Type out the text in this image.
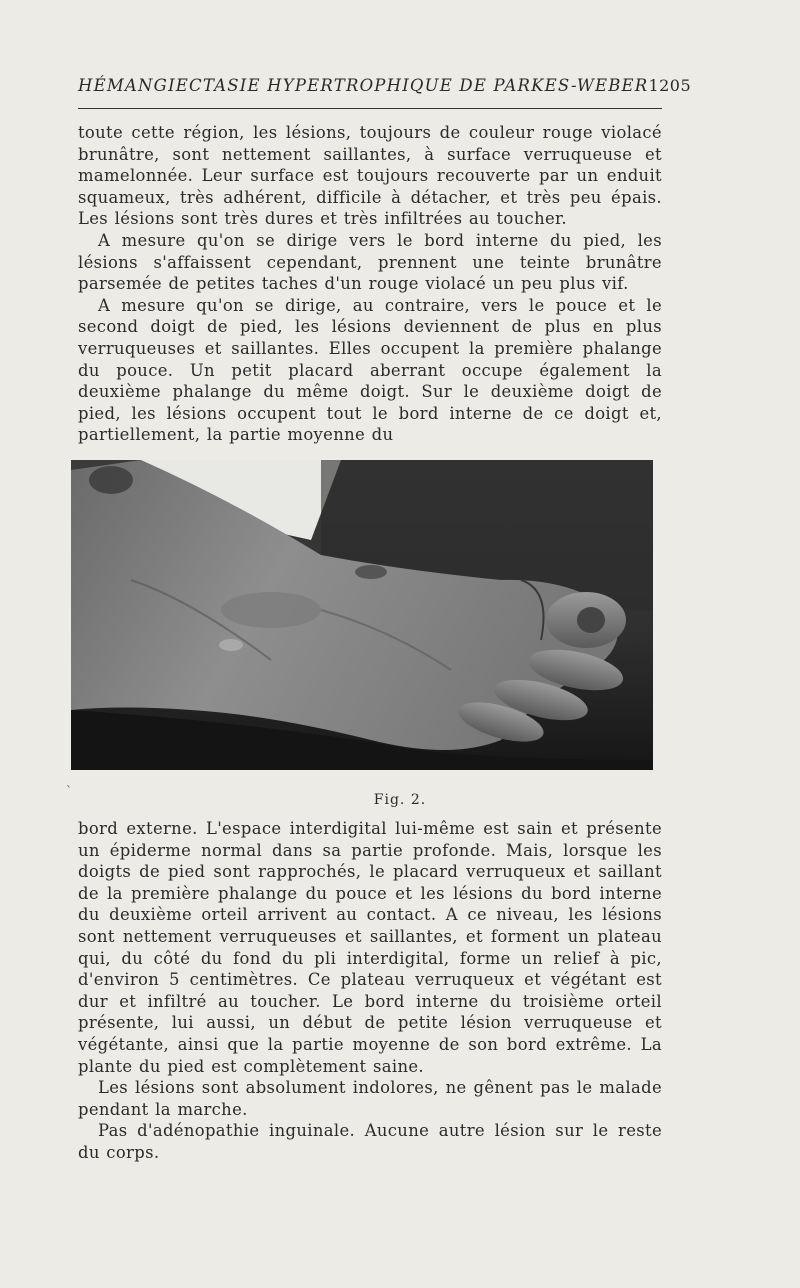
HÉMANGIECTASIE HYPERTROPHIQUE DE PARKES-WEBER 1205

toute cette région, les lésions, toujours de couleur rouge violacé brunâtre, sont nettement saillantes, à surface verruqueuse et mamelonnée. Leur surface est toujours recouverte par un enduit squameux, très adhérent, difficile à détacher, et très peu épais. Les lésions sont très dures et très infiltrées au toucher.

A mesure qu'on se dirige vers le bord interne du pied, les lésions s'affaissent cependant, prennent une teinte brunâtre parsemée de petites taches d'un rouge violacé un peu plus vif.

A mesure qu'on se dirige, au contraire, vers le pouce et le second doigt de pied, les lésions deviennent de plus en plus verruqueuses et saillantes. Elles occupent la première phalange du pouce. Un petit placard aberrant occupe également la deuxième phalange du même doigt. Sur le deuxième doigt de pied, les lésions occupent tout le bord interne de ce doigt et, partiellement, la partie moyenne du

`
Fig. 2.

bord externe. L'espace interdigital lui-même est sain et présente un épiderme normal dans sa partie profonde. Mais, lorsque les doigts de pied sont rapprochés, le placard verruqueux et saillant de la première phalange du pouce et les lésions du bord interne du deuxième orteil arrivent au contact. A ce niveau, les lésions sont nettement verruqueuses et saillantes, et forment un plateau qui, du côté du fond du pli interdigital, forme un relief à pic, d'environ 5 centimètres. Ce plateau verruqueux et végétant est dur et infiltré au toucher. Le bord interne du troisième orteil présente, lui aussi, un début de petite lésion verruqueuse et végétante, ainsi que la partie moyenne de son bord extrême. La plante du pied est complètement saine.

Les lésions sont absolument indolores, ne gênent pas le malade pendant la marche.

Pas d'adénopathie inguinale. Aucune autre lésion sur le reste du corps.
